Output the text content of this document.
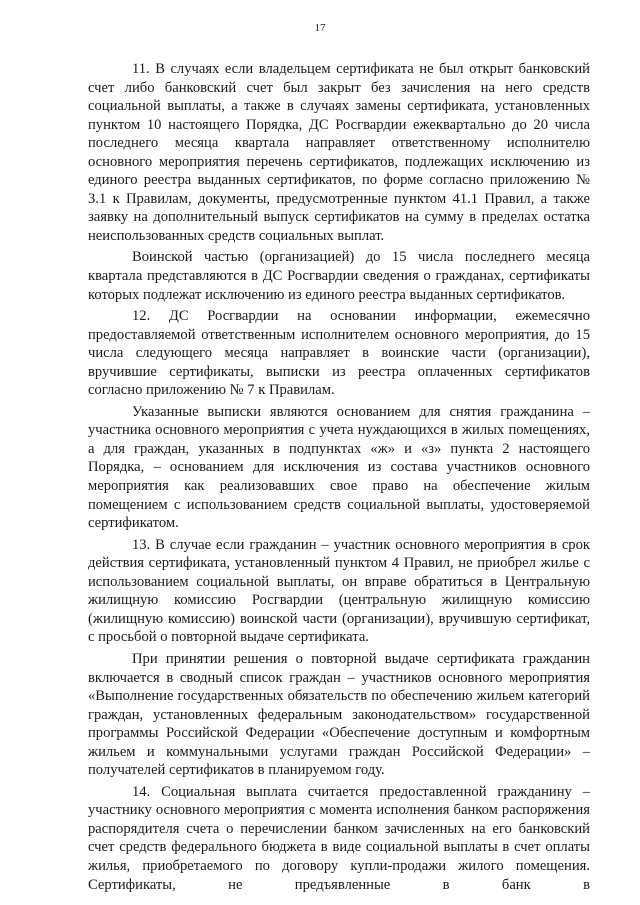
17

11. В случаях если владельцем сертификата не был открыт банковский счет либо банковский счет был закрыт без зачисления на него средств социальной выплаты, а также в случаях замены сертификата, установленных пунктом 10 настоящего Порядка, ДС Росгвардии ежеквартально до 20 числа последнего месяца квартала направляет ответственному исполнителю основного мероприятия перечень сертификатов, подлежащих исключению из единого реестра выданных сертификатов, по форме согласно приложению № 3.1 к Правилам, документы, предусмотренные пунктом 41.1 Правил, а также заявку на дополнительный выпуск сертификатов на сумму в пределах остатка неиспользованных средств социальных выплат.

Воинской частью (организацией) до 15 числа последнего месяца квартала представляются в ДС Росгвардии сведения о гражданах, сертификаты которых подлежат исключению из единого реестра выданных сертификатов.

12. ДС Росгвардии на основании информации, ежемесячно предоставляемой ответственным исполнителем основного мероприятия, до 15 числа следующего месяца направляет в воинские части (организации), вручившие сертификаты, выписки из реестра оплаченных сертификатов согласно приложению № 7 к Правилам.

Указанные выписки являются основанием для снятия гражданина – участника основного мероприятия с учета нуждающихся в жилых помещениях, а для граждан, указанных в подпунктах «ж» и «з» пункта 2 настоящего Порядка, – основанием для исключения из состава участников основного мероприятия как реализовавших свое право на обеспечение жилым помещением с использованием средств социальной выплаты, удостоверяемой сертификатом.

13. В случае если гражданин – участник основного мероприятия в срок действия сертификата, установленный пунктом 4 Правил, не приобрел жилье с использованием социальной выплаты, он вправе обратиться в Центральную жилищную комиссию Росгвардии (центральную жилищную комиссию (жилищную комиссию) воинской части (организации), вручившую сертификат, с просьбой о повторной выдаче сертификата.

При принятии решения о повторной выдаче сертификата гражданин включается в сводный список граждан – участников основного мероприятия «Выполнение государственных обязательств по обеспечению жильем категорий граждан, установленных федеральным законодательством» государственной программы Российской Федерации «Обеспечение доступным и комфортным жильем и коммунальными услугами граждан Российской Федерации» – получателей сертификатов в планируемом году.

14. Социальная выплата считается предоставленной гражданину – участнику основного мероприятия с момента исполнения банком распоряжения распорядителя счета о перечислении банком зачисленных на его банковский счет средств федерального бюджета в виде социальной выплаты в счет оплаты жилья, приобретаемого по договору купли-продажи жилого помещения. Сертификаты, не предъявленные в банк в
